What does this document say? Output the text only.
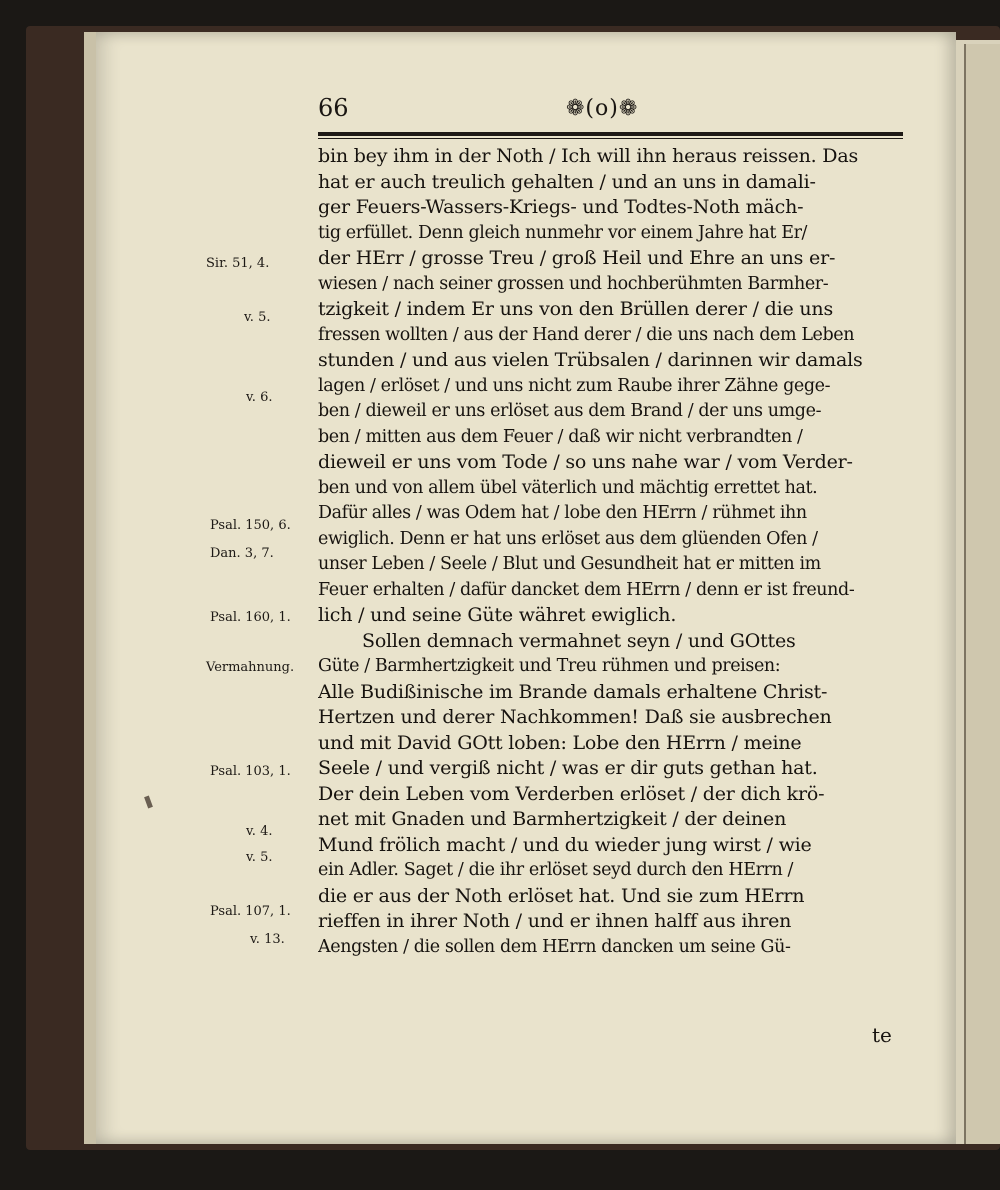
66	❁(o)❁
bin bey ihm in der Noth / Ich will ihn heraus reissen. Das
hat er auch treulich gehalten / und an uns in damali-
ger Feuers-Wassers-Kriegs- und Todtes-Noth mäch-
tig erfüllet. Denn gleich nunmehr vor einem Jahre hat Er/
der HErr / grosse Treu / groß Heil und Ehre an uns er-
wiesen / nach seiner grossen und hochberühmten Barmher-
tzigkeit / indem Er uns von den Brüllen derer / die uns
fressen wollten / aus der Hand derer / die uns nach dem Leben
stunden / und aus vielen Trübsalen / darinnen wir damals
lagen / erlöset / und uns nicht zum Raube ihrer Zähne gege-
ben / dieweil er uns erlöset aus dem Brand / der uns umge-
ben / mitten aus dem Feuer / daß wir nicht verbrandten /
dieweil er uns vom Tode / so uns nahe war / vom Verder-
ben und von allem übel väterlich und mächtig errettet hat.
Dafür alles / was Odem hat / lobe den HErrn / rühmet ihn
ewiglich. Denn er hat uns erlöset aus dem glüenden Ofen /
unser Leben / Seele / Blut und Gesundheit hat er mitten im
Feuer erhalten / dafür dancket dem HErrn / denn er ist freund-
lich / und seine Güte währet ewiglich.
Sollen demnach vermahnet seyn / und GOttes
Güte / Barmhertzigkeit und Treu rühmen und preisen:
Alle Budißinische im Brande damals erhaltene Christ-
Hertzen und derer Nachkommen! Daß sie ausbrechen
und mit David GOtt loben: Lobe den HErrn / meine
Seele / und vergiß nicht / was er dir guts gethan hat.
Der dein Leben vom Verderben erlöset / der dich krö-
net mit Gnaden und Barmhertzigkeit / der deinen
Mund frölich macht / und du wieder jung wirst / wie
ein Adler. Saget / die ihr erlöset seyd durch den HErrn /
die er aus der Noth erlöset hat. Und sie zum HErrn
rieffen in ihrer Noth / und er ihnen halff aus ihren
Aengsten / die sollen dem HErrn dancken um seine Gü-
te
Sir. 51, 4.
v. 5.
v. 6.
Psal. 150, 6.
Dan. 3, 7.
Psal. 160, 1.
Vermahnung.
Psal. 103, 1.
v. 4.
v. 5.
Psal. 107, 1.
v. 13.
